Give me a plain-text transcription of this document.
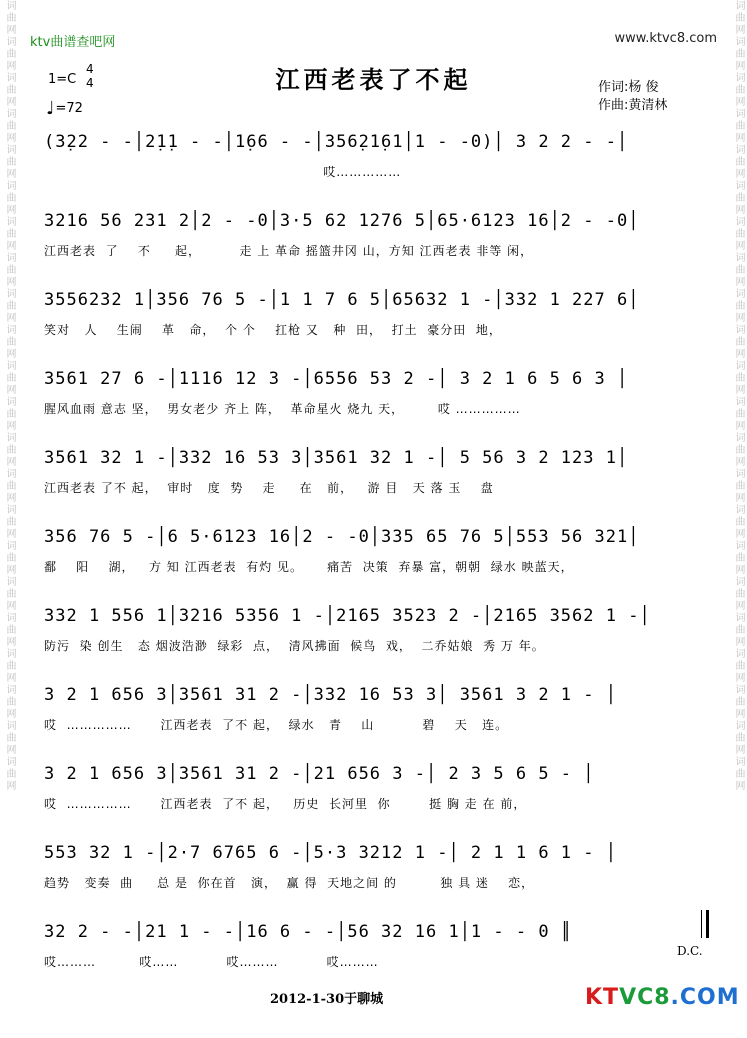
词曲网词曲网词曲网词曲网词曲网词曲网词曲网词曲网词曲网词曲网词曲网词曲网词曲网词曲网词曲网词曲网词曲网词曲网词曲网词曲网词曲网词曲网	词曲网词曲网词曲网词曲网词曲网词曲网词曲网词曲网词曲网词曲网词曲网词曲网词曲网词曲网词曲网词曲网词曲网词曲网词曲网词曲网词曲网词曲网
ktv曲谱查吧网	www.ktvc8.com
江西老表了不起
1=C
4
4
♩=72
作词:杨 俊
作曲:黄清林
(3̣22 - -│2̣1̣1 - -│1̣66 - -│356̣21̣61│1 - -0)│ 3 2 2 - -│
哎……………
3216 56 231 2│2 - -0│3·5 62 1276 5│65·6123 16│2 - -0│
江西老表  了    不     起，        走 上 革命 摇篮井冈 山，方知 江西老表 非等 闲，
3556232 1│356 76 5 -│1 1 7 6 5│65632 1 -│332 1 227 6│
笑对   人    生闹    革   命，  个 个    扛枪 又   种  田，  打土  豪分田  地，
3561 27 6 -│1116 12 3 -│6556 53 2 -│ 3 2 1 6 5 6 3 │
腥风血雨 意志 坚，  男女老少 齐上 阵，  革命星火 烧九 天，       哎 ……………
3561 32 1 -│332 16 53 3│3561 32 1 -│ 5 56 3 2 123 1│
江西老表 了不 起，  审时   度  势    走     在   前，   游 目   天 落 玉    盘
356 76 5 -│6 5·6123 16│2 - -0│335 65 76 5│553 56 321│
鄱    阳    湖，   方 知 江西老表  有灼 见。     痛苦  决策  弃暴 富，朝朝  绿水 映蓝天，
332 1 556 1│3216 5356 1 -│2165 3523 2 -│2165 3562 1 -│
防污  染 创生   态 烟波浩渺  绿彩  点，  清风拂面  候鸟  戏，  二乔姑娘  秀 万 年。
3 2 1 656 3│3561 31 2 -│332 16 53 3│ 3561 3 2 1 - │
哎  ……………      江西老表  了不 起，  绿水   青    山          碧    天   连。
3 2 1 656 3│3561 31 2 -│21 656 3 -│ 2 3 5 6 5 - │
哎  ……………      江西老表  了不 起，   历史  长河里  你        挺 胸 走 在 前，
553 32 1 -│2·7 6765 6 -│5·3 3212 1 -│ 2 1 1 6 1 - │
趋势   变奏  曲     总 是  你在首   演，  赢 得  天地之间 的         独 具 迷    恋，
32 2 - -│21 1 - -│16 6 - -│56 32 16 1│1 - - 0 ║
哎………         哎……          哎………          哎………
D.C.
2012-1-30于聊城	KTVC8.COM
